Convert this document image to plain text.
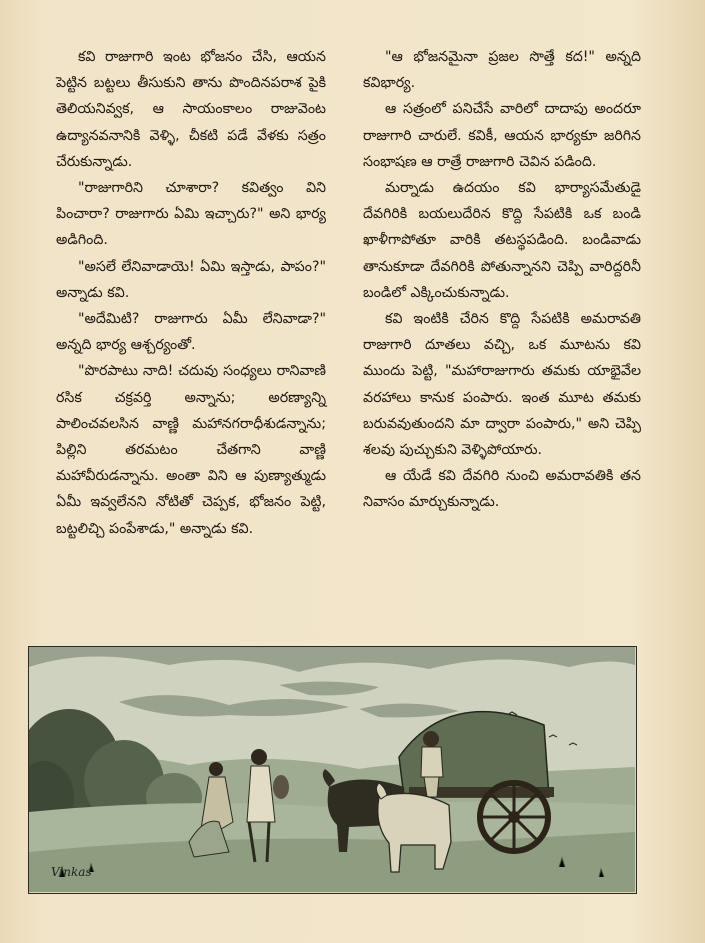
కవి రాజుగారి ఇంట భోజనం చేసి, ఆయన పెట్టిన బట్టలు తీసుకుని తాను పొందినపరాశ పైకి తెలియనివ్వక, ఆ సాయంకాలం రాజువెంట ఉద్యానవనానికి వెళ్ళి, చీకటి పడే వేళకు సత్రం చేరుకున్నాడు.

"రాజుగారిని చూశారా? కవిత్వం విని పించారా? రాజుగారు ఏమి ఇచ్చారు?" అని భార్య అడిగింది.

"అసలే లేనివాడాయె! ఏమి ఇస్తాడు, పాపం?" అన్నాడు కవి.

"అదేమిటి? రాజుగారు ఏమీ లేనివాడా?" అన్నది భార్య ఆశ్చర్యంతో.

"పొరపాటు నాది! చదువు సంధ్యలు రానివాణి రసిక చక్రవర్తి అన్నాను; అరణ్యాన్ని పాలించవలసిన వాణ్ణి మహానగరాధీశుడన్నాను; పిల్లిని తరమటం చేతగాని వాణ్ణి మహావీరుడన్నాను. అంతా విని ఆ పుణ్యాత్ముడు ఏమీ ఇవ్వలేనని నోటితో చెప్పక, భోజనం పెట్టి, బట్టలిచ్చి పంపేశాడు," అన్నాడు కవి.

"ఆ భోజనమైనా ప్రజల సొత్తే కద!" అన్నది కవిభార్య.

ఆ సత్రంలో పనిచేసే వారిలో దాదాపు అందరూ రాజుగారి చారులే. కవికీ, ఆయన భార్యకూ జరిగిన సంభాషణ ఆ రాత్రే రాజుగారి చెవిన పడింది.

మర్నాడు ఉదయం కవి భార్యాసమేతుడై దేవగిరికి బయలుదేరిన కొద్ది సేపటికి ఒక బండి ఖాళీగాపోతూ వారికి తటస్థపడింది. బండివాడు తానుకూడా దేవగిరికి పోతున్నానని చెప్పి వారిద్దరినీ బండిలో ఎక్కించుకున్నాడు.

కవి ఇంటికి చేరిన కొద్ది సేపటికి అమరావతి రాజుగారి దూతలు వచ్చి, ఒక మూటను కవి ముందు పెట్టి, "మహారాజుగారు తమకు యాభైవేల వరహాలు కానుక పంపారు. ఇంత మూట తమకు బరువవుతుందని మా ద్వారా పంపారు," అని చెప్పి శలవు పుచ్చుకుని వెళ్ళిపోయారు.

ఆ యేడే కవి దేవగిరి నుంచి అమరావతికి తన నివాసం మార్చుకున్నాడు.

Vinkas
